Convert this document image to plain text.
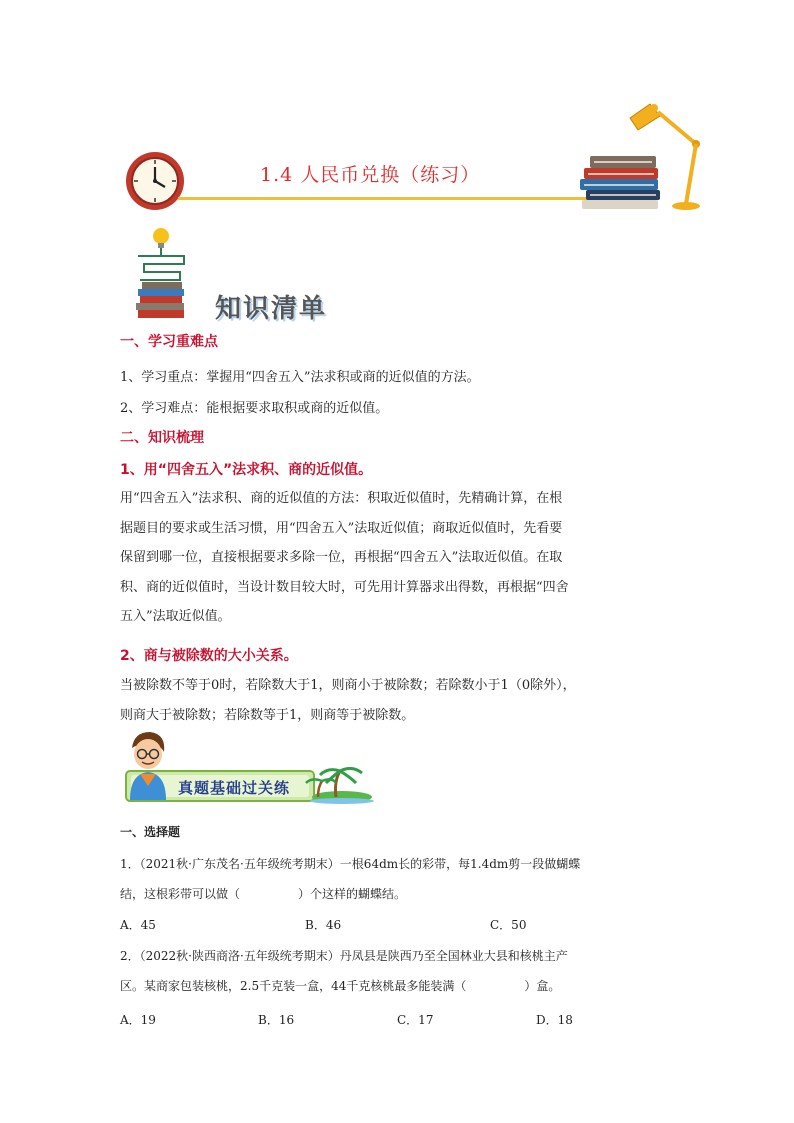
1.4 人民币兑换（练习）
知识清单
一、学习重难点
1、学习重点：掌握用“四舍五入”法求积或商的近似值的方法。
2、学习难点：能根据要求取积或商的近似值。
二、知识梳理
1、用“四舍五入”法求积、商的近似值。
用“四舍五入”法求积、商的近似值的方法：积取近似值时，先精确计算，在根
据题目的要求或生活习惯，用“四舍五入”法取近似值；商取近似值时，先看要
保留到哪一位，直接根据要求多除一位，再根据“四舍五入”法取近似值。在取
积、商的近似值时，当设计数目较大时，可先用计算器求出得数，再根据“四舍
五入”法取近似值。
2、商与被除数的大小关系。
当被除数不等于0时，若除数大于1，则商小于被除数；若除数小于1（0除外），
则商大于被除数；若除数等于1，则商等于被除数。
真题基础过关练
一、选择题
1．（2021秋·广东茂名·五年级统考期末）一根64dm长的彩带，每1.4dm剪一段做蝴蝶
结，这根彩带可以做（	）个这样的蝴蝶结。
A．45	B．46	C．50
2．（2022秋·陕西商洛·五年级统考期末）丹凤县是陕西乃至全国林业大县和核桃主产
区。某商家包装核桃，2.5千克装一盒，44千克核桃最多能装满（	）盒。
A．19	B．16	C．17	D．18
